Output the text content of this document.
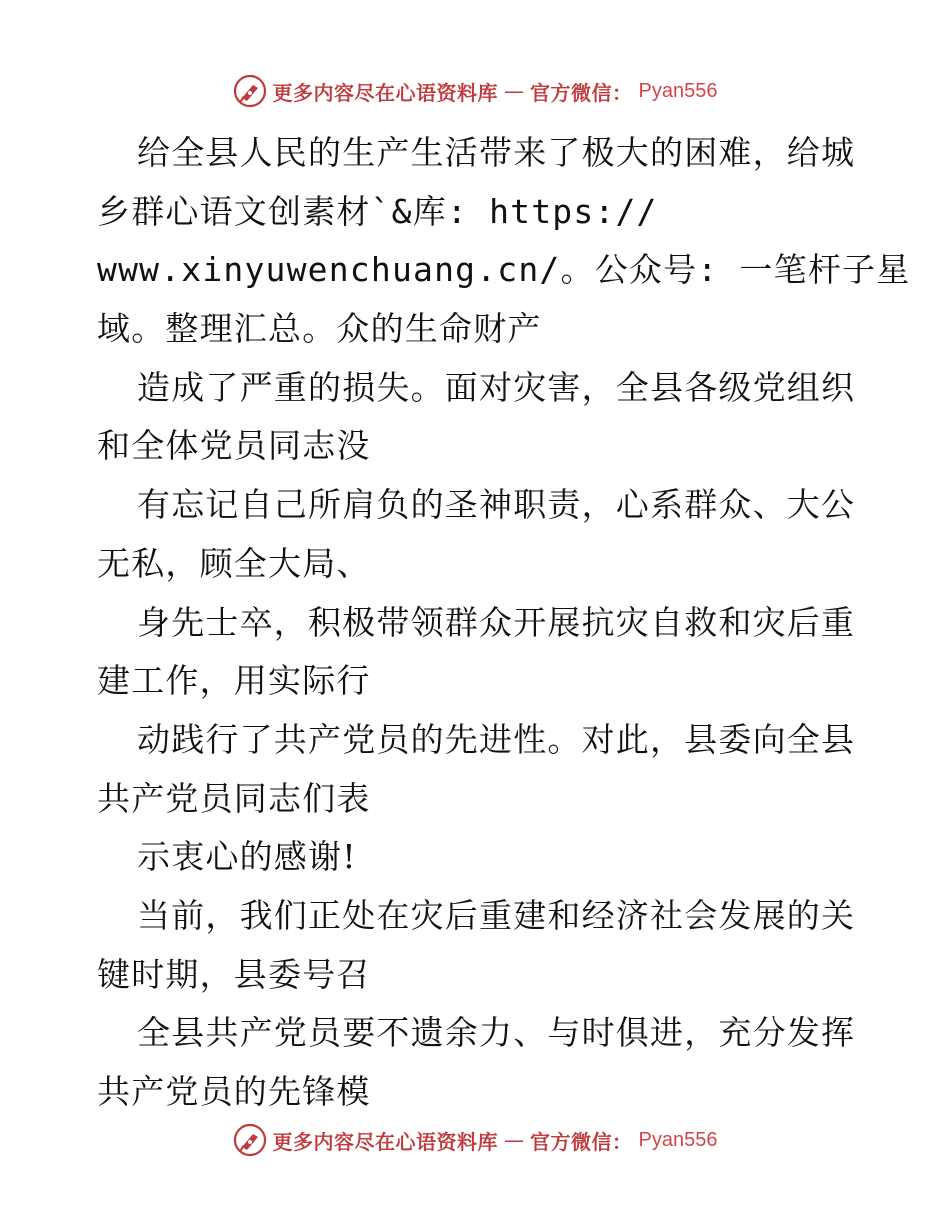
更多内容尽在心语资料库 — 官方微信： Pyan556
给全县人民的生产生活带来了极大的困难，给城
乡群心语文创素材`&库: https://
www.xinyuwenchuang.cn/。公众号: 一笔杆子星
域。整理汇总。众的生命财产
造成了严重的损失。面对灾害，全县各级党组织
和全体党员同志没
有忘记自己所肩负的圣神职责，心系群众、大公
无私，顾全大局、
身先士卒，积极带领群众开展抗灾自救和灾后重
建工作，用实际行
动践行了共产党员的先进性。对此，县委向全县
共产党员同志们表
示衷心的感谢!
当前，我们正处在灾后重建和经济社会发展的关
键时期，县委号召
全县共产党员要不遗余力、与时俱进，充分发挥
共产党员的先锋模
更多内容尽在心语资料库 — 官方微信： Pyan556
